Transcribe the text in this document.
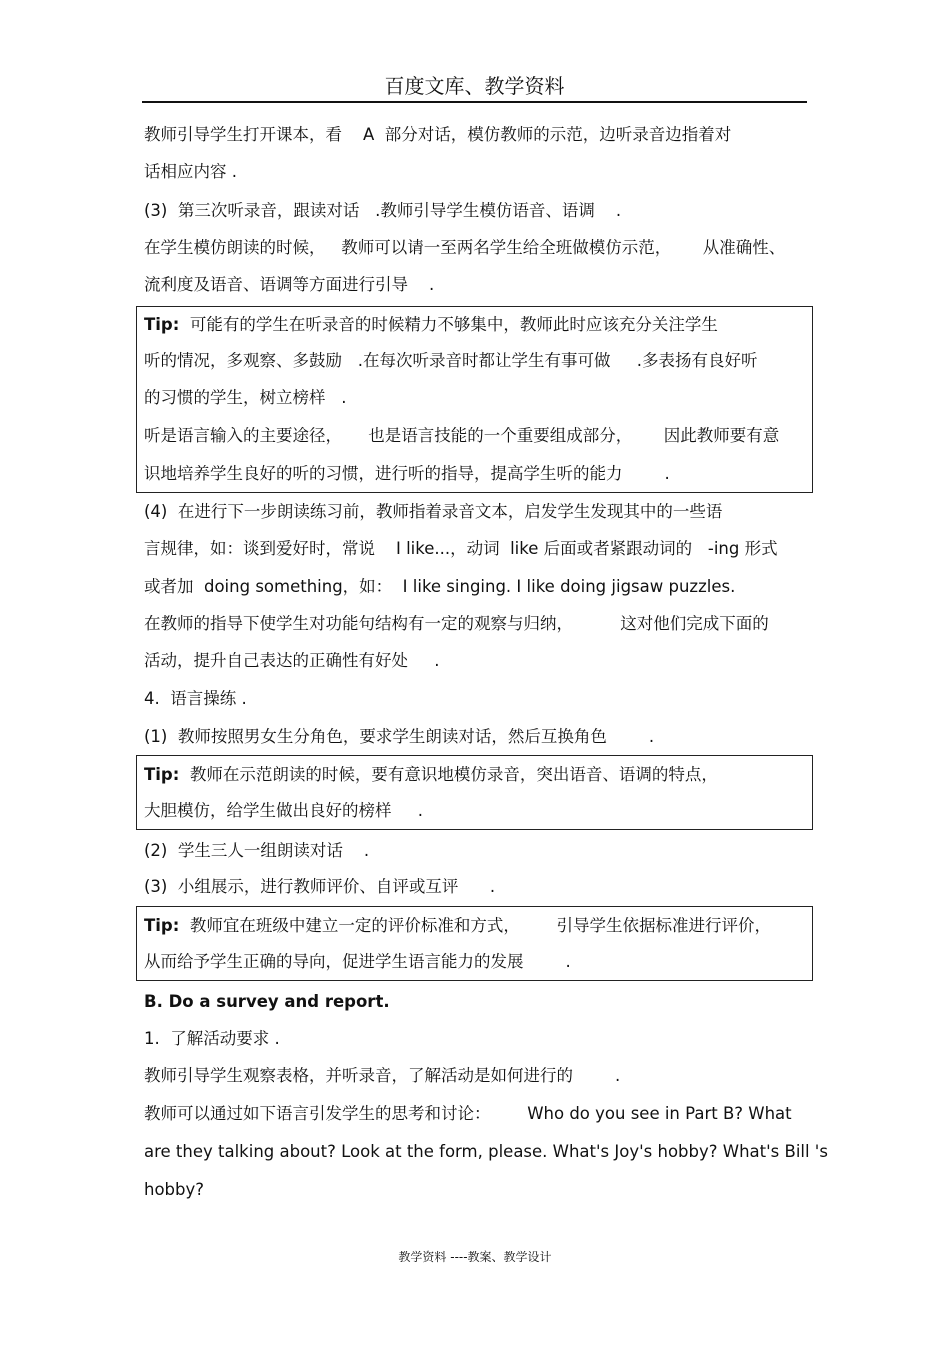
百度文库、教学资料
教师引导学生打开课本，看    A  部分对话，模仿教师的示范，边听录音边指着对
话相应内容 .
(3)  第三次听录音，跟读对话   .教师引导学生模仿语音、语调    .
在学生模仿朗读的时候，   教师可以请一至两名学生给全班做模仿示范，      从准确性、
流利度及语音、语调等方面进行引导    .
Tip:  可能有的学生在听录音的时候精力不够集中，教师此时应该充分关注学生
听的情况，多观察、多鼓励   .在每次听录音时都让学生有事可做     .多表扬有良好听
的习惯的学生，树立榜样   .
听是语言输入的主要途径，     也是语言技能的一个重要组成部分，      因此教师要有意
识地培养学生良好的听的习惯，进行听的指导，提高学生听的能力        .
(4)  在进行下一步朗读练习前，教师指着录音文本，启发学生发现其中的一些语
言规律，如：谈到爱好时，常说    I like...，动词  like 后面或者紧跟动词的   -ing 形式
或者加  doing something，如：  I like singing. I like doing jigsaw puzzles.
在教师的指导下使学生对功能句结构有一定的观察与归纳，         这对他们完成下面的
活动，提升自己表达的正确性有好处     .
4.  语言操练 .
(1)  教师按照男女生分角色，要求学生朗读对话，然后互换角色        .
Tip:  教师在示范朗读的时候，要有意识地模仿录音，突出语音、语调的特点，
大胆模仿，给学生做出良好的榜样     .
(2)  学生三人一组朗读对话    .
(3)  小组展示，进行教师评价、自评或互评      .
Tip:  教师宜在班级中建立一定的评价标准和方式，       引导学生依据标准进行评价，
从而给予学生正确的导向，促进学生语言能力的发展        .
B. Do a survey and report.
1.  了解活动要求 .
教师引导学生观察表格，并听录音，了解活动是如何进行的        .
教师可以通过如下语言引发学生的思考和讨论：       Who do you see in Part B? What
are they talking about? Look at the form, please. What's Joy's hobby? What's Bill 's
hobby?
教学资料 ----教案、教学设计
